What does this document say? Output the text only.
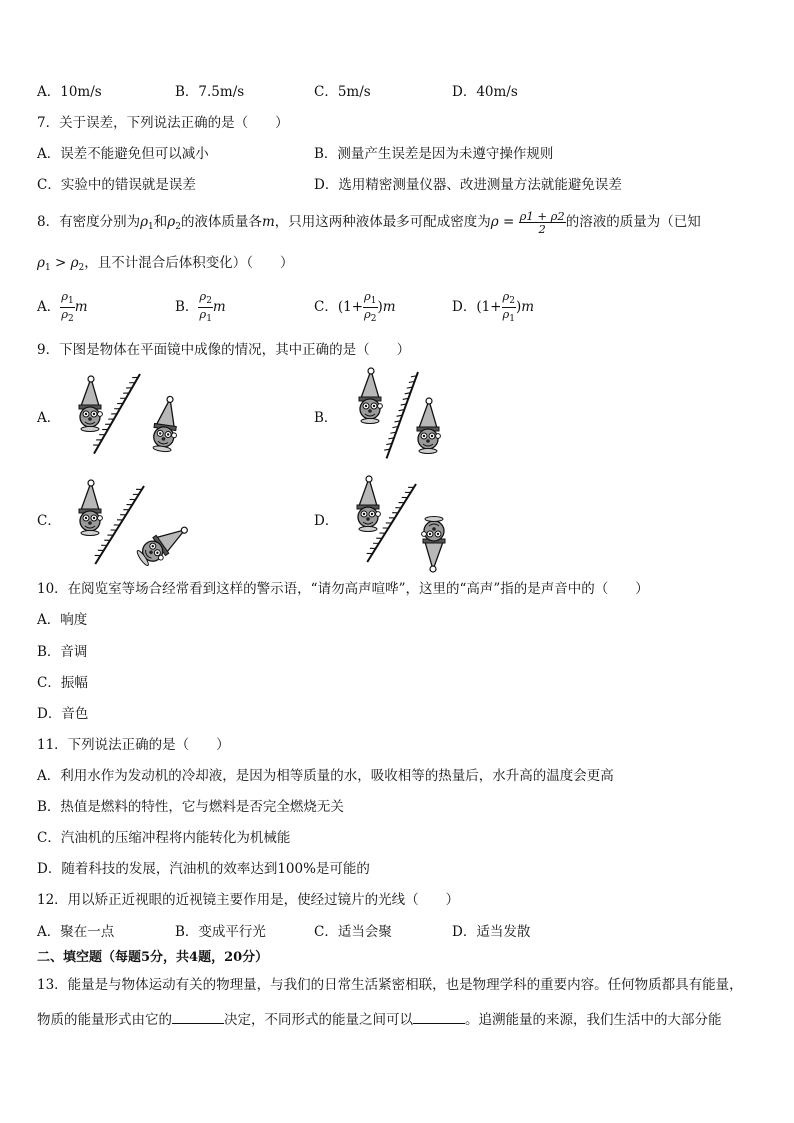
A．10m/s	B．7.5m/s	C．5m/s	D．40m/s
7．关于误差，下列说法正确的是（　　）
A．误差不能避免但可以减小	B．测量产生误差是因为未遵守操作规则
C．实验中的错误就是误差	D．选用精密测量仪器、改进测量方法就能避免误差
8．有密度分别为$\rho_1$和$\rho_2$的液体质量各m，只用这两种液体最多可配成密度为$\rho = \frac{\rho 1 + \rho 2}{2}$ 的溶液的质量为（已知
$\rho_1 > \rho_2$，且不计混合后体积变化）（　　）
A． $\frac{\rho_1}{\rho_2}$ m	B． $\frac{\rho_2}{\rho_1}$ m	C．$(1+ \frac{\rho_1}{\rho_2} )m$	D．$(1+ \frac{\rho_2}{\rho_1} )m$
9．下图是物体在平面镜中成像的情况，其中正确的是（　　）
A．	B．
C．	D．
10．在阅览室等场合经常看到这样的警示语，“请勿高声喧哗”，这里的“高声”指的是声音中的（　　）
A．响度
B．音调
C．振幅
D．音色
11．下列说法正确的是（　　）
A．利用水作为发动机的冷却液，是因为相等质量的水，吸收相等的热量后，水升高的温度会更高
B．热值是燃料的特性，它与燃料是否完全燃烧无关
C．汽油机的压缩冲程将内能转化为机械能
D．随着科技的发展，汽油机的效率达到100%是可能的
12．用以矫正近视眼的近视镜主要作用是，使经过镜片的光线（　　）
A．聚在一点	B．变成平行光	C．适当会聚	D．适当发散
二、填空题（每题5分，共4题，20分）
13．能量是与物体运动有关的物理量，与我们的日常生活紧密相联，也是物理学科的重要内容。任何物质都具有能量，
物质的能量形式由它的	决定，不同形式的能量之间可以	。追溯能量的来源，我们生活中的大部分能
